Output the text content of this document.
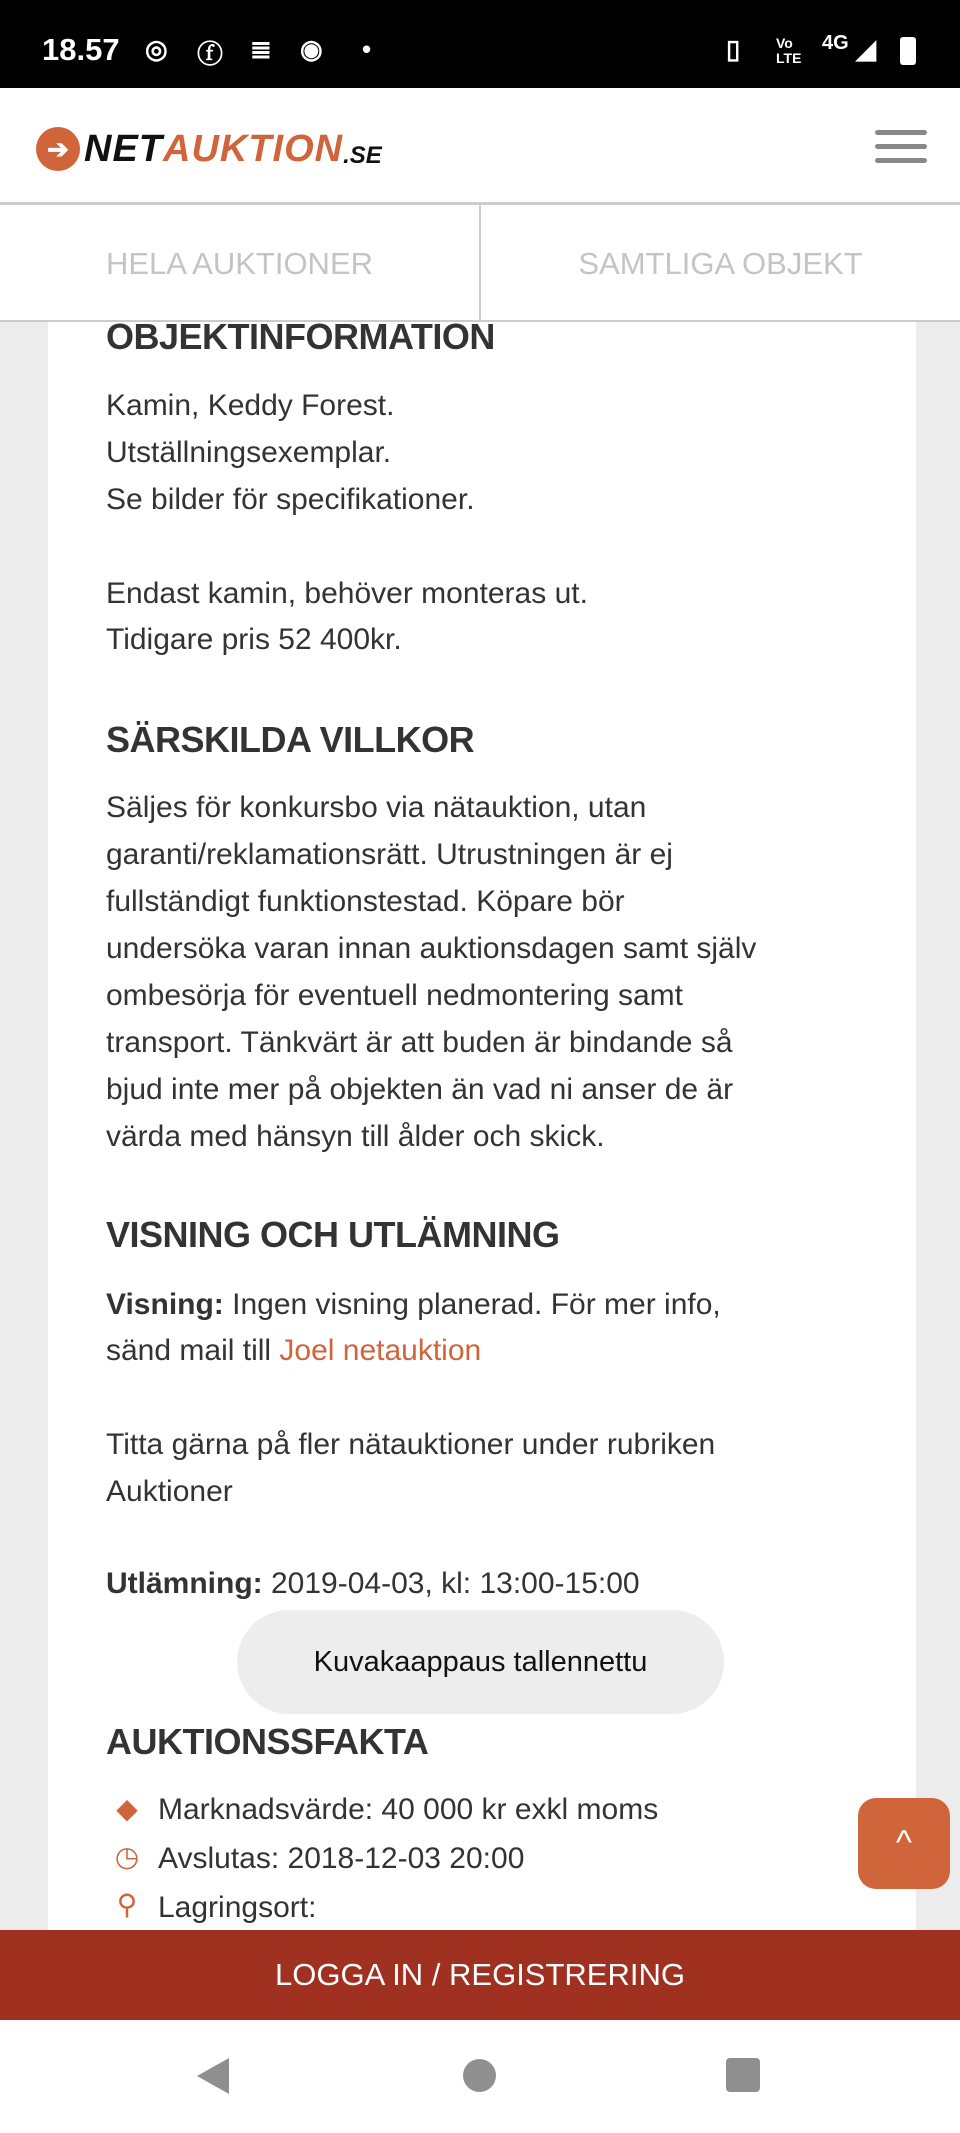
18.57 ◎ ⓕ ≣ ◉ •	▯	Vo LTE
4G ◢
➔ NET AUKTION .SE
HELA AUKTIONER	SAMTLIGA OBJEKT
OBJEKTINFORMATION
Kamin, Keddy Forest.
Utställningsexemplar.
Se bilder för specifikationer.
Endast kamin, behöver monteras ut.
Tidigare pris 52 400kr.
SÄRSKILDA VILLKOR
Säljes för konkursbo via nätauktion, utan
garanti/reklamationsrätt. Utrustningen är ej
fullständigt funktionstestad. Köpare bör
undersöka varan innan auktionsdagen samt själv
ombesörja för eventuell nedmontering samt
transport. Tänkvärt är att buden är bindande så
bjud inte mer på objekten än vad ni anser de är
värda med hänsyn till ålder och skick.
VISNING OCH UTLÄMNING
Visning: Ingen visning planerad. För mer info,
sänd mail till Joel netauktion
Titta gärna på fler nätauktioner under rubriken
Auktioner
Utlämning: 2019-04-03, kl: 13:00-15:00
AUKTIONSSFAKTA
◆ Marknadsvärde: 40 000 kr exkl moms
◷ Avslutas: 2018-12-03 20:00
⚲ Lagringsort:
LOGGA IN / REGISTRERING
^
Kuvakaappaus tallennettu
